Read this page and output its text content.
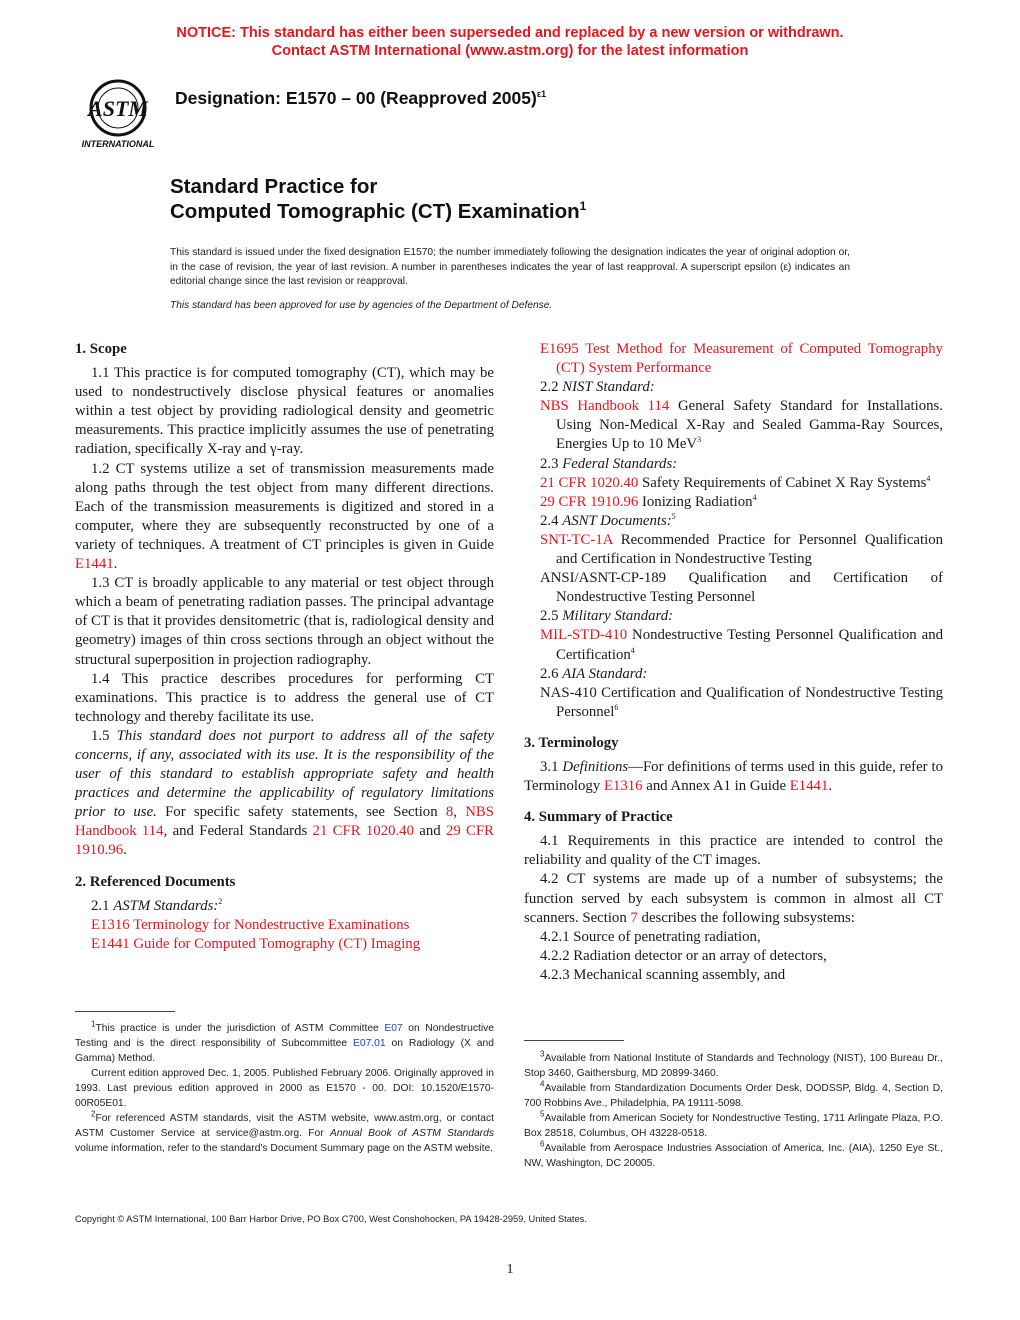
NOTICE: This standard has either been superseded and replaced by a new version or withdrawn.
Contact ASTM International (www.astm.org) for the latest information
ASTM
INTERNATIONAL
Designation: E1570 – 00 (Reapproved 2005)$^{\varepsilon 1}$
Standard Practice for
Computed Tomographic (CT) Examination$^1$
This standard is issued under the fixed designation E1570; the number immediately following the designation indicates the year of original adoption or, in the case of revision, the year of last revision. A number in parentheses indicates the year of last reapproval. A superscript epsilon (ε) indicates an editorial change since the last revision or reapproval.
This standard has been approved for use by agencies of the Department of Defense.
1. Scope

1.1 This practice is for computed tomography (CT), which may be used to nondestructively disclose physical features or anomalies within a test object by providing radiological density and geometric measurements. This practice implicitly assumes the use of penetrating radiation, specifically X-ray and γ-ray.

1.2 CT systems utilize a set of transmission measurements made along paths through the test object from many different directions. Each of the transmission measurements is digitized and stored in a computer, where they are subsequently reconstructed by one of a variety of techniques. A treatment of CT principles is given in Guide E1441.

1.3 CT is broadly applicable to any material or test object through which a beam of penetrating radiation passes. The principal advantage of CT is that it provides densitometric (that is, radiological density and geometry) images of thin cross sections through an object without the structural superposition in projection radiography.

1.4 This practice describes procedures for performing CT examinations. This practice is to address the general use of CT technology and thereby facilitate its use.

1.5 This standard does not purport to address all of the safety concerns, if any, associated with its use. It is the responsibility of the user of this standard to establish appropriate safety and health practices and determine the applicability of regulatory limitations prior to use. For specific safety statements, see Section 8, NBS Handbook 114, and Federal Standards 21 CFR 1020.40 and 29 CFR 1910.96.

2. Referenced Documents

2.1 ASTM Standards:$^2$

E1316 Terminology for Nondestructive Examinations

E1441 Guide for Computed Tomography (CT) Imaging

$^1$This practice is under the jurisdiction of ASTM Committee E07 on Nondestructive Testing and is the direct responsibility of Subcommittee E07.01 on Radiology (X and Gamma) Method.

Current edition approved Dec. 1, 2005. Published February 2006. Originally approved in 1993. Last previous edition approved in 2000 as E1570 - 00. DOI: 10.1520/E1570-00R05E01.

$^2$For referenced ASTM standards, visit the ASTM website, www.astm.org, or contact ASTM Customer Service at service@astm.org. For Annual Book of ASTM Standards volume information, refer to the standard's Document Summary page on the ASTM website.

E1695 Test Method for Measurement of Computed Tomography (CT) System Performance

2.2 NIST Standard:

NBS Handbook 114 General Safety Standard for Installations. Using Non-Medical X-Ray and Sealed Gamma-Ray Sources, Energies Up to 10 MeV$^3$

2.3 Federal Standards:

21 CFR 1020.40 Safety Requirements of Cabinet X Ray Systems$^4$

29 CFR 1910.96 Ionizing Radiation$^4$

2.4 ASNT Documents:$^5$

SNT-TC-1A Recommended Practice for Personnel Qualification and Certification in Nondestructive Testing

ANSI/ASNT-CP-189 Qualification and Certification of Nondestructive Testing Personnel

2.5 Military Standard:

MIL-STD-410 Nondestructive Testing Personnel Qualification and Certification$^4$

2.6 AIA Standard:

NAS-410 Certification and Qualification of Nondestructive Testing Personnel$^6$

3. Terminology

3.1 Definitions—For definitions of terms used in this guide, refer to Terminology E1316 and Annex A1 in Guide E1441.

4. Summary of Practice

4.1 Requirements in this practice are intended to control the reliability and quality of the CT images.

4.2 CT systems are made up of a number of subsystems; the function served by each subsystem is common in almost all CT scanners. Section 7 describes the following subsystems:

4.2.1 Source of penetrating radiation,

4.2.2 Radiation detector or an array of detectors,

4.2.3 Mechanical scanning assembly, and

$^3$Available from National Institute of Standards and Technology (NIST), 100 Bureau Dr., Stop 3460, Gaithersburg, MD 20899-3460.

$^4$Available from Standardization Documents Order Desk, DODSSP, Bldg. 4, Section D, 700 Robbins Ave., Philadelphia, PA 19111-5098.

$^5$Available from American Society for Nondestructive Testing, 1711 Arlingate Plaza, P.O. Box 28518, Columbus, OH 43228-0518.

$^6$Available from Aerospace Industries Association of America, Inc. (AIA), 1250 Eye St., NW, Washington, DC 20005.

Copyright © ASTM International, 100 Barr Harbor Drive, PO Box C700, West Conshohocken, PA 19428-2959, United States.
1
